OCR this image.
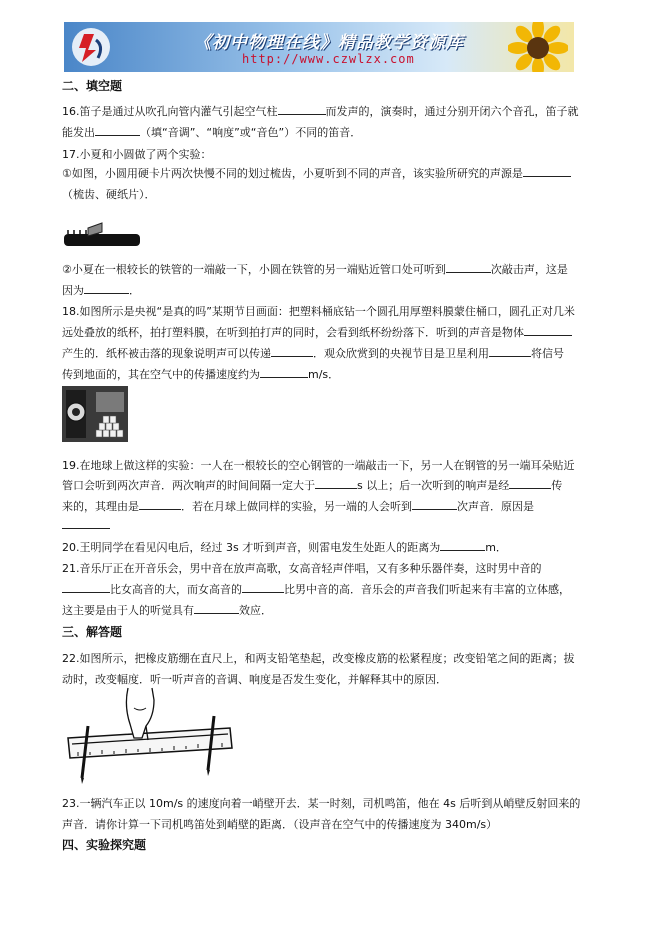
《初中物理在线》精品教学资源库
http://www.czwlzx.com
二、填空题
16.笛子是通过从吹孔向管内灌气引起空气柱	而发声的，演奏时，通过分别开闭六个音孔，笛子就
能发出	（填“音调”、“响度”或“音色”）不同的笛音．
17.小夏和小圆做了两个实验：
①如图，小圆用硬卡片两次快慢不同的划过梳齿，小夏听到不同的声音，该实验所研究的声源是
（梳齿、硬纸片）．
②小夏在一根较长的铁管的一端敲一下，小圆在铁管的另一端贴近管口处可听到	次敲击声，这是
因为	．
18.如图所示是央视“是真的吗”某期节目画面：把塑料桶底钻一个圆孔用厚塑料膜蒙住桶口，圆孔正对几米
远处叠放的纸杯，拍打塑料膜，在听到拍打声的同时，会看到纸杯纷纷落下．听到的声音是物体
产生的．纸杯被击落的现象说明声可以传递	．观众欣赏到的央视节目是卫星利用	将信号
传到地面的，其在空气中的传播速度约为	m/s．
19.在地球上做这样的实验：一人在一根较长的空心钢管的一端敲击一下，另一人在钢管的另一端耳朵贴近
管口会听到两次声音．两次响声的时间间隔一定大于	s 以上；后一次听到的响声是经	传
来的，其理由是	．若在月球上做同样的实验，另一端的人会听到	次声音．原因是
20.王明同学在看见闪电后，经过 3s 才听到声音，则雷电发生处距人的距离为	m．
21.音乐厅正在开音乐会，男中音在放声高歌，女高音轻声伴唱，又有多种乐器伴奏，这时男中音的
比女高音的大，而女高音的	比男中音的高．音乐会的声音我们听起来有丰富的立体感，
这主要是由于人的听觉具有	效应．
三、解答题
22.如图所示，把橡皮筋绷在直尺上，和两支铅笔垫起，改变橡皮筋的松紧程度；改变铅笔之间的距离；拔
动时，改变幅度．听一听声音的音调、响度是否发生变化，并解释其中的原因．
23.一辆汽车正以 10m/s 的速度向着一峭壁开去．某一时刻，司机鸣笛，他在 4s 后听到从峭壁反射回来的
声音．请你计算一下司机鸣笛处到峭壁的距离．（设声音在空气中的传播速度为 340m/s）
四、实验探究题
